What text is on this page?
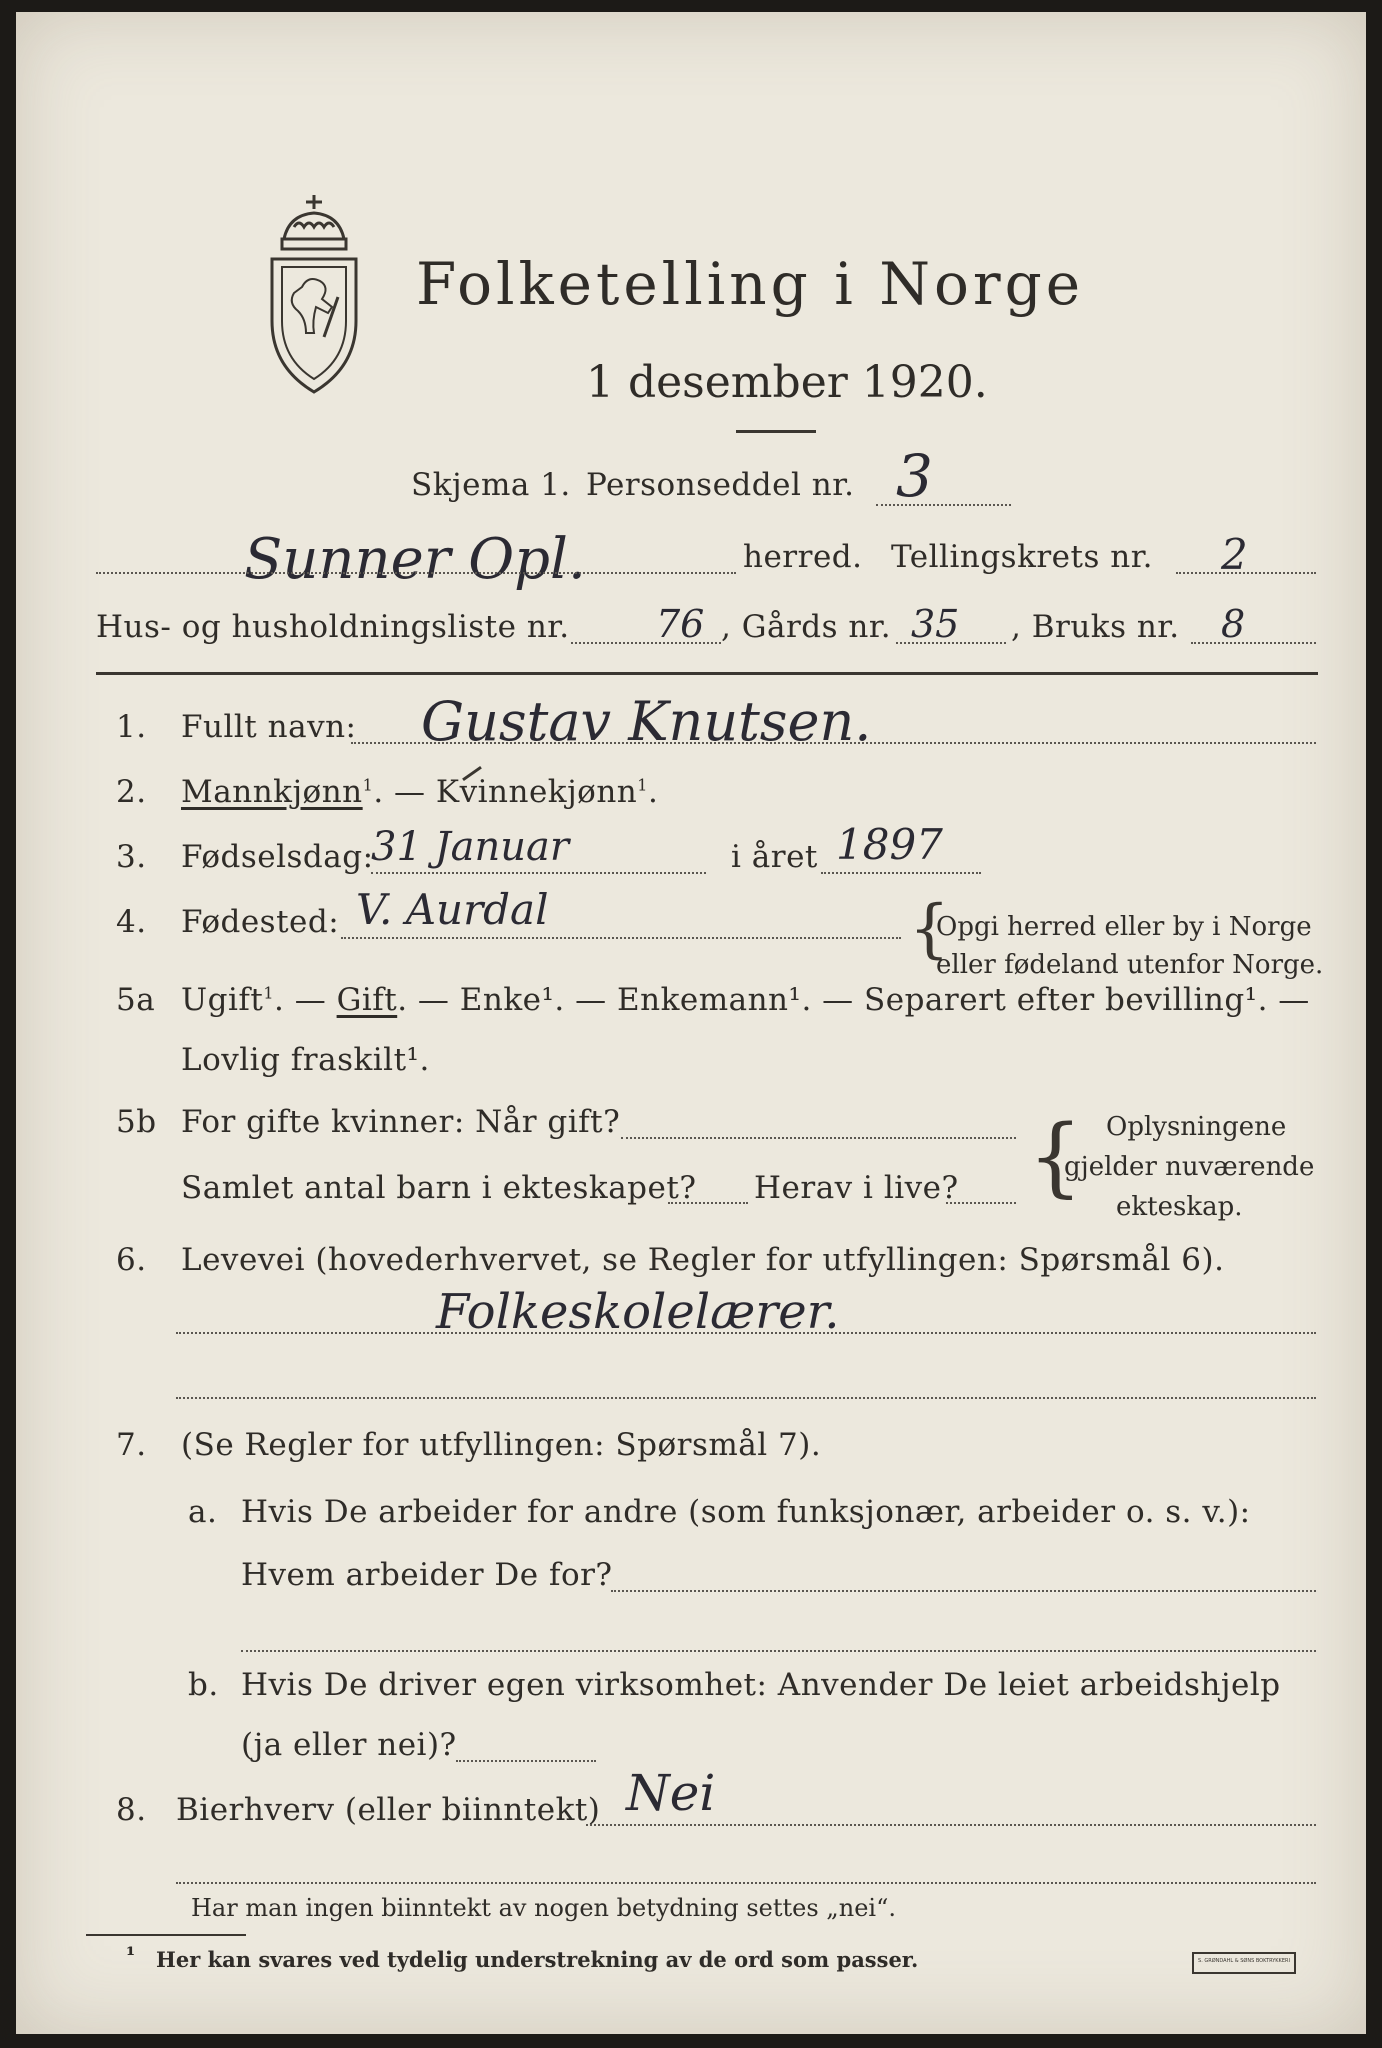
Folketelling i Norge
1 desember 1920.
Skjema 1. Personseddel nr. 3
Sunner Opl.	herred. Tellingskrets nr. 2
Hus- og husholdningsliste nr. 76 , Gårds nr. 35 , Bruks nr. 8
1. Fullt navn: Gustav Knutsen.
2. Mannkjønn$^1$. — Kvinnekjønn$^1$.
3. Fødselsdag:
31 Januar	i året 1897
4. Fødested: V. Aurdal	{
Opgi herred eller by i Norge
eller fødeland utenfor Norge.
5a Ugift$^1$. — Gift. — Enke¹. — Enkemann¹. — Separert efter bevilling¹. —
Lovlig fraskilt¹.
5b For gifte kvinner: Når gift?
Samlet antal barn i ekteskapet? Herav i live? { Oplysningene
gjelder nuværende
ekteskap.
6. Levevei (hovederhvervet, se Regler for utfyllingen: Spørsmål 6).
Folkeskolelærer.
7. (Se Regler for utfyllingen: Spørsmål 7).
a. Hvis De arbeider for andre (som funksjonær, arbeider o. s. v.):
Hvem arbeider De for?
b. Hvis De driver egen virksomhet: Anvender De leiet arbeidshjelp
(ja eller nei)?
8. Bierhverv (eller biinntekt) Nei
Har man ingen biinntekt av nogen betydning settes „nei“.
¹ Her kan svares ved tydelig understrekning av de ord som passer.	S. GRØNDAHL & SØNS BOKTRYKKERI
